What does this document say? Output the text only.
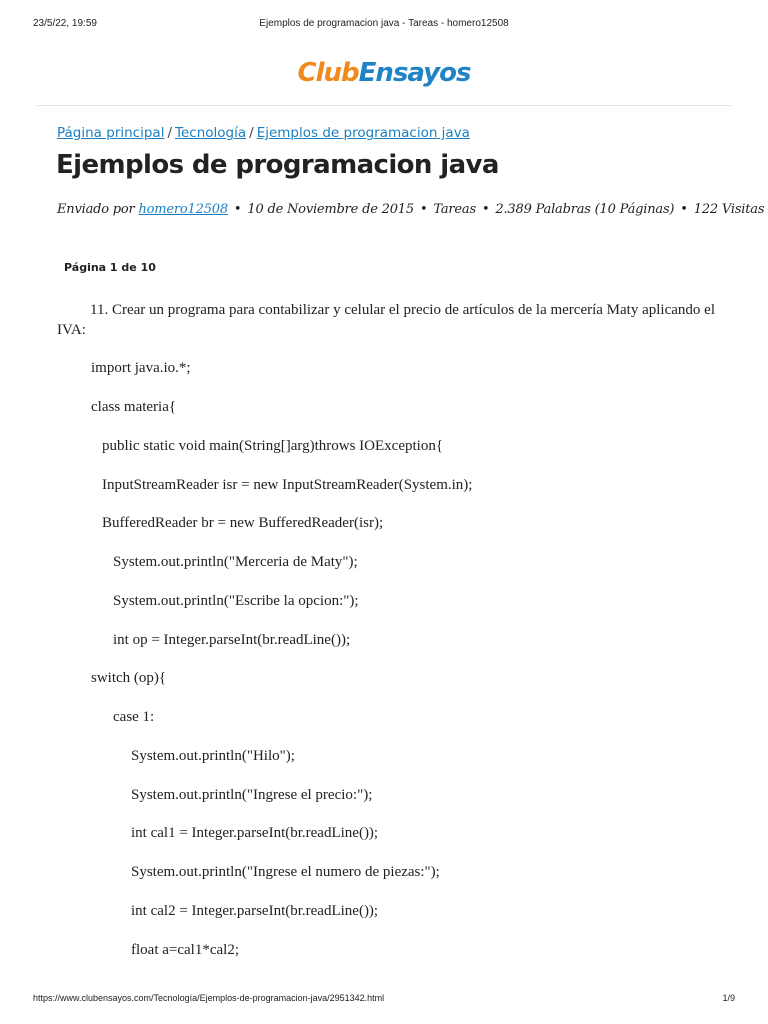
23/5/22, 19:59	Ejemplos de programacion java - Tareas - homero12508
Club Ensayos
Página principal / Tecnología / Ejemplos de programacion java
Ejemplos de programacion java
Enviado por homero12508 • 10 de Noviembre de 2015 • Tareas • 2.389 Palabras (10 Páginas) • 122 Visitas
Página 1 de 10

11. Crear un programa para contabilizar y celular el precio de artículos de la mercería Maty aplicando el IVA:

import java.io.*;
class materia{
public static void main(String[]arg)throws IOException{
InputStreamReader isr = new InputStreamReader(System.in);
BufferedReader br = new BufferedReader(isr);
System.out.println("Merceria de Maty");
System.out.println("Escribe la opcion:");
int op = Integer.parseInt(br.readLine());
switch (op){
case 1:
System.out.println("Hilo");
System.out.println("Ingrese el precio:");
int cal1 = Integer.parseInt(br.readLine());
System.out.println("Ingrese el numero de piezas:");
int cal2 = Integer.parseInt(br.readLine());
float a=cal1*cal2;
https://www.clubensayos.com/Tecnología/Ejemplos-de-programacion-java/2951342.html	1/9
